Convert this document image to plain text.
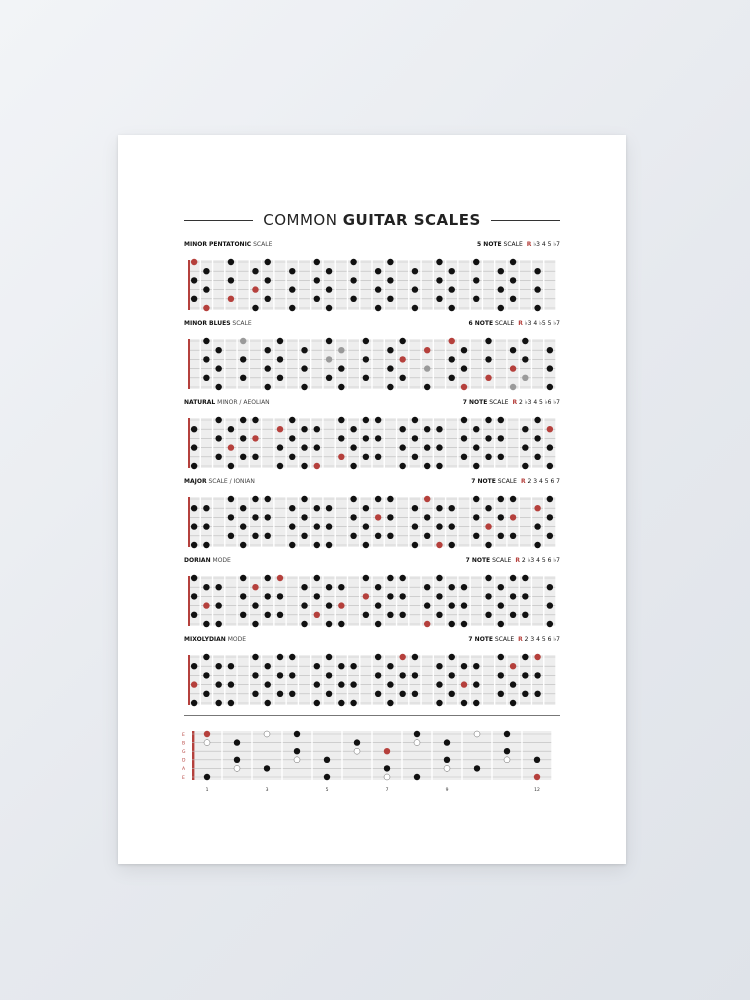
COMMON GUITAR SCALES
MINOR PENTATONIC SCALE	5 NOTE SCALE R ♭3 4 5 ♭7
MINOR BLUES SCALE	6 NOTE SCALE R ♭3 4 ♭5 5 ♭7
NATURAL MINOR / AEOLIAN	7 NOTE SCALE R 2 ♭3 4 5 ♭6 ♭7
MAJOR SCALE / IONIAN	7 NOTE SCALE R 2 3 4 5 6 7
DORIAN MODE	7 NOTE SCALE R 2 ♭3 4 5 6 ♭7
MIXOLYDIAN MODE	7 NOTE SCALE R 2 3 4 5 6 ♭7
E
B
G
D
A
E
1	3	5	7	9	12
